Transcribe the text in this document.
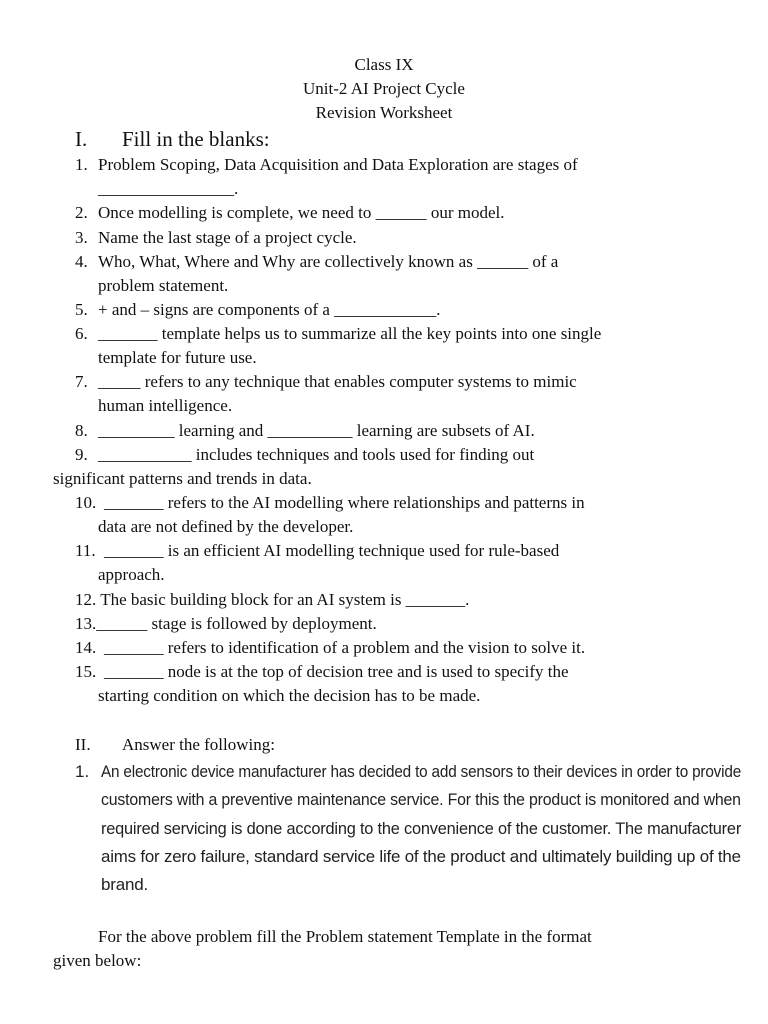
Class IX
Unit-2 AI Project Cycle
Revision Worksheet
I. Fill in the blanks:
1. Problem Scoping, Data Acquisition and Data Exploration are stages of
________________.
2. Once modelling is complete, we need to ______ our model.
3. Name the last stage of a project cycle.
4. Who, What, Where and Why are collectively known as ______ of a
problem statement.
5. + and – signs are components of a ____________.
6. _______ template helps us to summarize all the key points into one single
template for future use.
7. _____ refers to any technique that enables computer systems to mimic
human intelligence.
8. _________ learning and __________ learning are subsets of AI.
9. ___________ includes techniques and tools used for finding out
significant patterns and trends in data.
10. _______ refers to the AI modelling where relationships and patterns in
data are not defined by the developer.
11. _______ is an efficient AI modelling technique used for rule-based
approach.
12. The basic building block for an AI system is _______.
13.______ stage is followed by deployment.
14. _______ refers to identification of a problem and the vision to solve it.
15. _______ node is at the top of decision tree and is used to specify the
starting condition on which the decision has to be made.
II. Answer the following:
1. An electronic device manufacturer has decided to add sensors to their devices in order to provide
customers with a preventive maintenance service. For this the product is monitored and when
required servicing is done according to the convenience of the customer. The manufacturer
aims for zero failure, standard service life of the product and ultimately building up of the
brand.
For the above problem fill the Problem statement Template in the format
given below:
